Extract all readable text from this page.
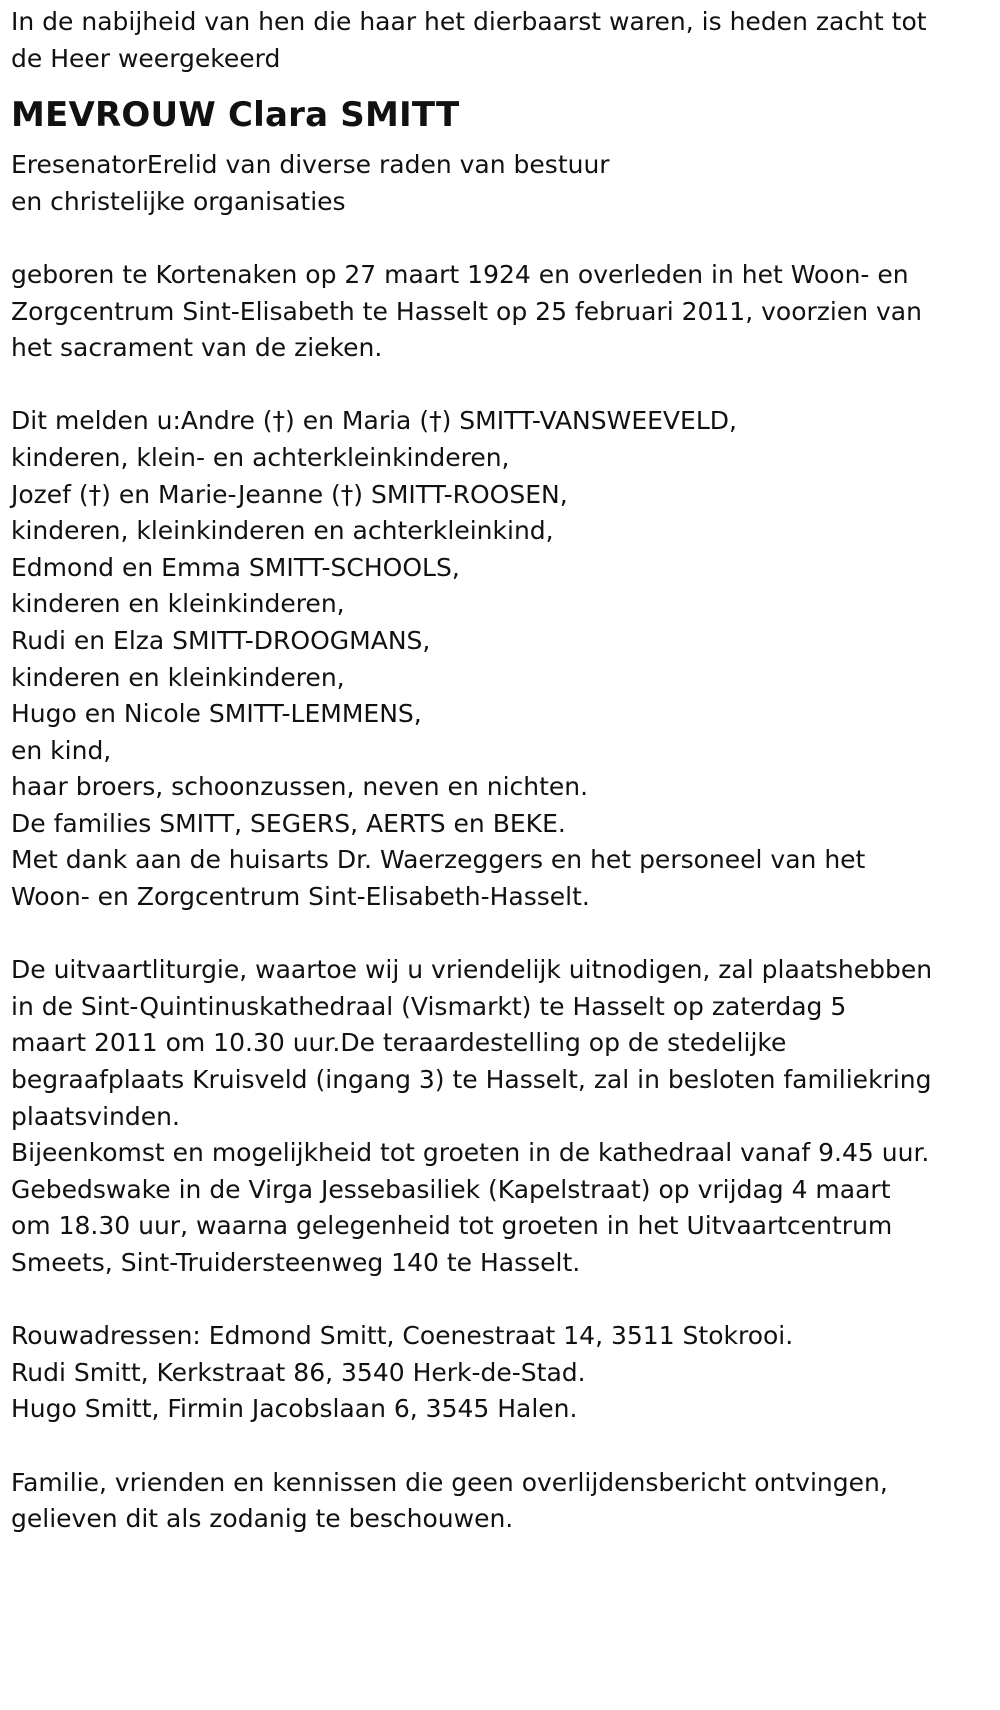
In de nabijheid van hen die haar het dierbaarst waren, is heden zacht tot
de Heer weergekeerd
MEVROUW Clara SMITT
EresenatorErelid van diverse raden van bestuur
en christelijke organisaties
geboren te Kortenaken op 27 maart 1924 en overleden in het Woon- en
Zorgcentrum Sint-Elisabeth te Hasselt op 25 februari 2011, voorzien van
het sacrament van de zieken.
Dit melden u:Andre (†) en Maria (†) SMITT-VANSWEEVELD,
kinderen, klein- en achterkleinkinderen,
Jozef (†) en Marie-Jeanne (†) SMITT-ROOSEN,
kinderen, kleinkinderen en achterkleinkind,
Edmond en Emma SMITT-SCHOOLS,
kinderen en kleinkinderen,
Rudi en Elza SMITT-DROOGMANS,
kinderen en kleinkinderen,
Hugo en Nicole SMITT-LEMMENS,
en kind,
haar broers, schoonzussen, neven en nichten.
De families SMITT, SEGERS, AERTS en BEKE.
Met dank aan de huisarts Dr. Waerzeggers en het personeel van het
Woon- en Zorgcentrum Sint-Elisabeth-Hasselt.
De uitvaartliturgie, waartoe wij u vriendelijk uitnodigen, zal plaatshebben
in de Sint-Quintinuskathedraal (Vismarkt) te Hasselt op zaterdag 5
maart 2011 om 10.30 uur.De teraardestelling op de stedelijke
begraafplaats Kruisveld (ingang 3) te Hasselt, zal in besloten familiekring
plaatsvinden.
Bijeenkomst en mogelijkheid tot groeten in de kathedraal vanaf 9.45 uur.
Gebedswake in de Virga Jessebasiliek (Kapelstraat) op vrijdag 4 maart
om 18.30 uur, waarna gelegenheid tot groeten in het Uitvaartcentrum
Smeets, Sint-Truidersteenweg 140 te Hasselt.
Rouwadressen: Edmond Smitt, Coenestraat 14, 3511 Stokrooi.
Rudi Smitt, Kerkstraat 86, 3540 Herk-de-Stad.
Hugo Smitt, Firmin Jacobslaan 6, 3545 Halen.
Familie, vrienden en kennissen die geen overlijdensbericht ontvingen,
gelieven dit als zodanig te beschouwen.
